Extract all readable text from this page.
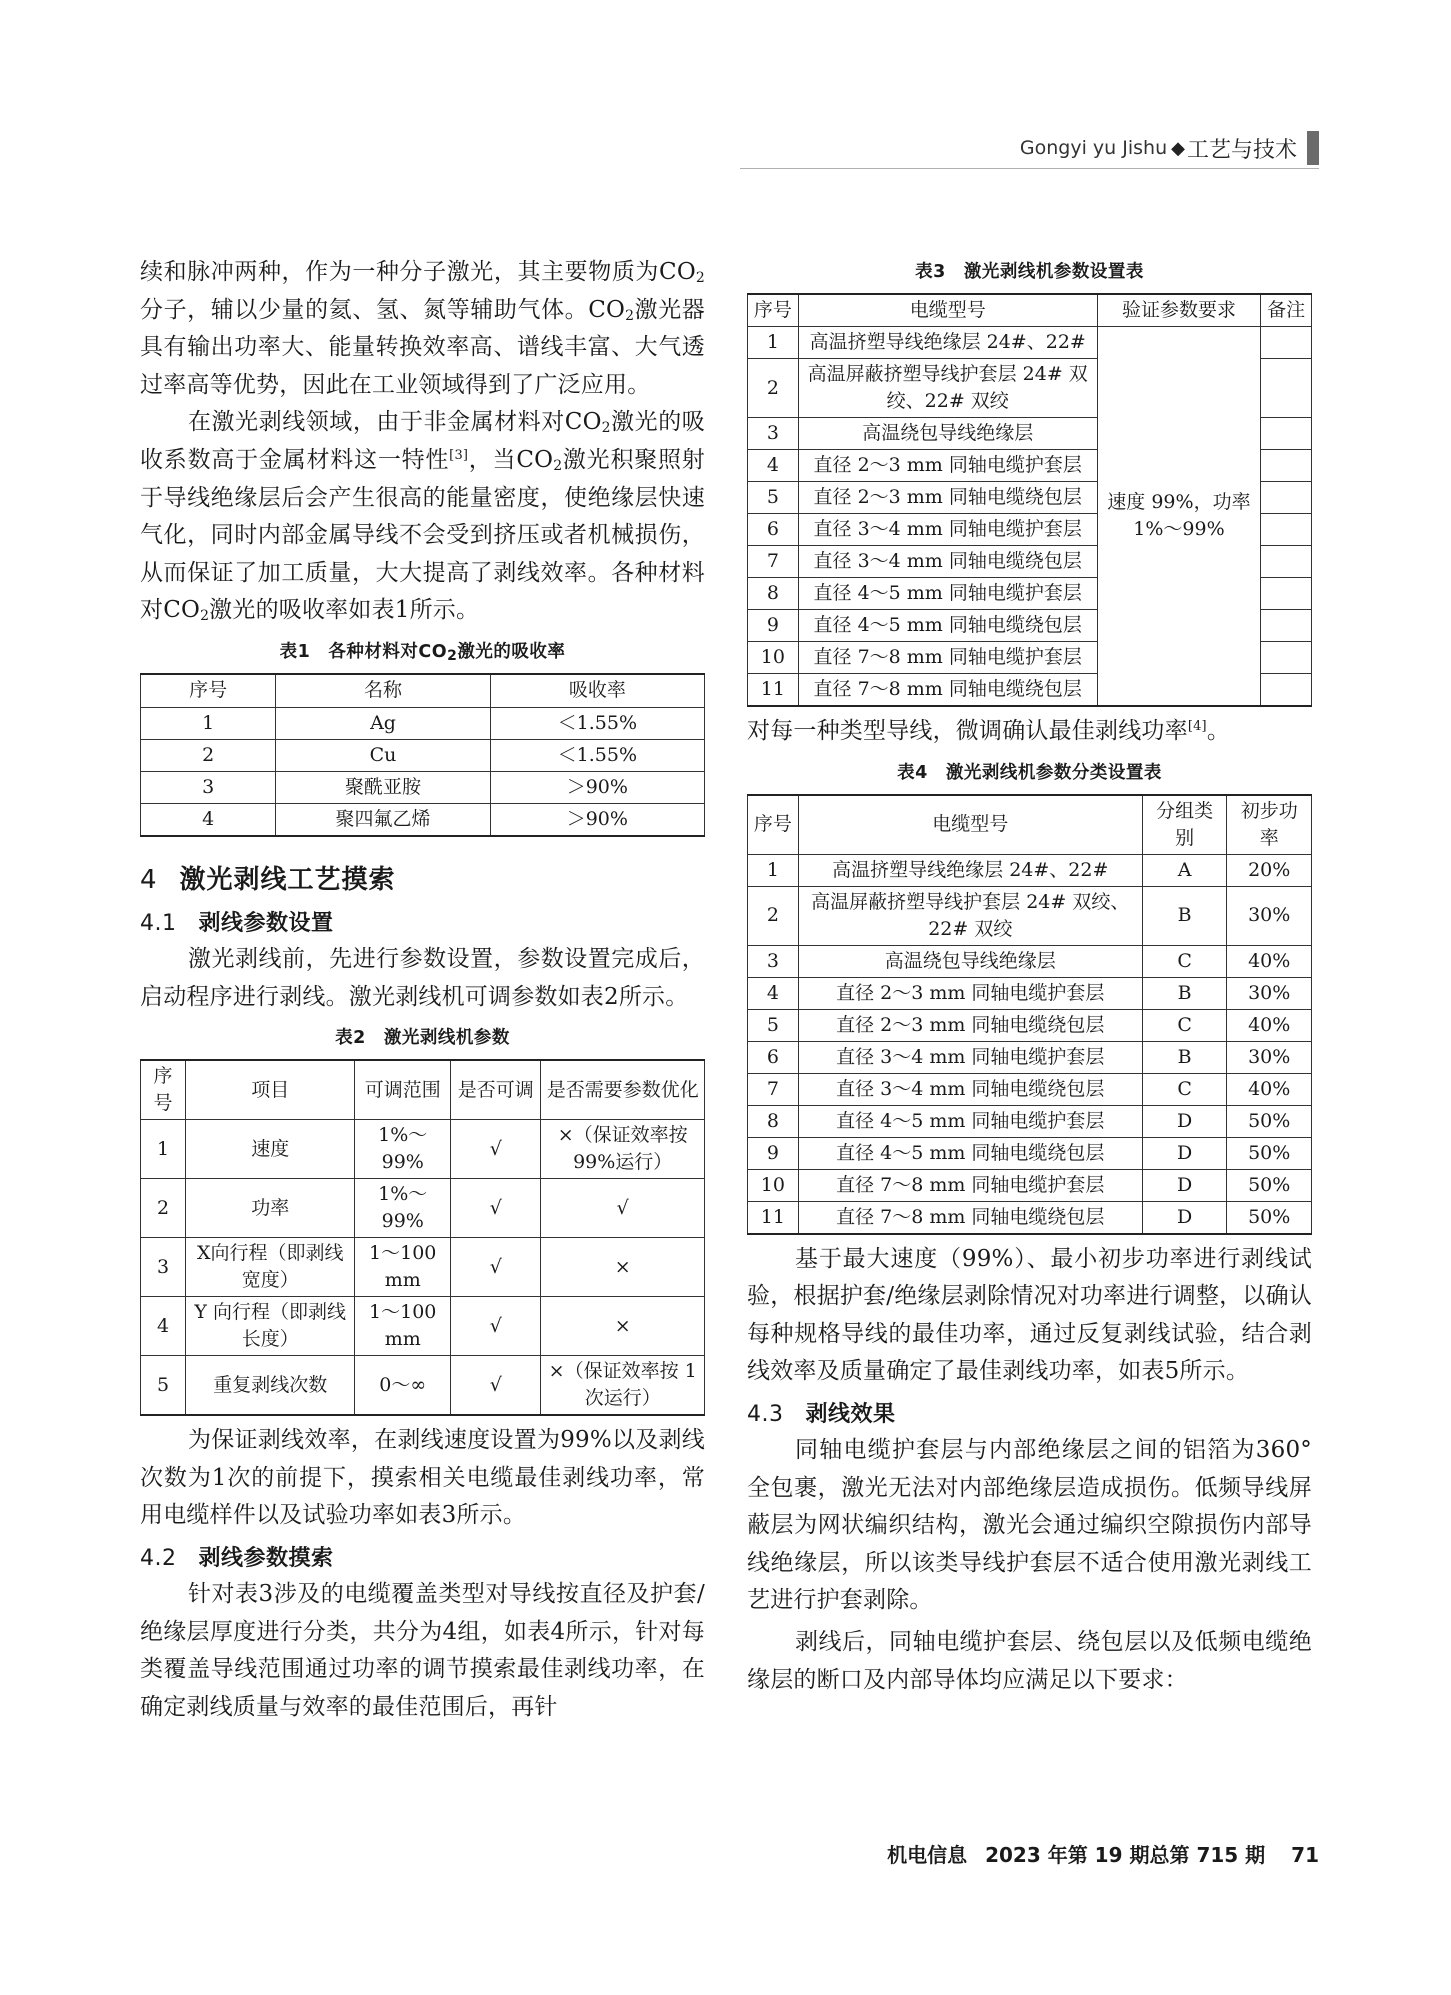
Gongyi yu Jishu ◆ 工艺与技术

续和脉冲两种，作为一种分子激光，其主要物质为$CO_2$分子，辅以少量的氦、氢、氮等辅助气体。$CO_2$激光器具有输出功率大、能量转换效率高、谱线丰富、大气透过率高等优势，因此在工业领域得到了广泛应用。

在激光剥线领域，由于非金属材料对$CO_2$激光的吸收系数高于金属材料这一特性[3]，当$CO_2$激光积聚照射于导线绝缘层后会产生很高的能量密度，使绝缘层快速气化，同时内部金属导线不会受到挤压或者机械损伤，从而保证了加工质量，大大提高了剥线效率。各种材料对$CO_2$激光的吸收率如表1所示。

表1　各种材料对$CO_2$激光的吸收率
序号	名称	吸收率
1	Ag	＜1.55%
2	Cu	＜1.55%
3	聚酰亚胺	＞90%
4	聚四氟乙烯	＞90%
4 激光剥线工艺摸索
4.1 剥线参数设置

激光剥线前，先进行参数设置，参数设置完成后，启动程序进行剥线。激光剥线机可调参数如表2所示。

表2　激光剥线机参数
序号	项目	可调范围	是否可调	是否需要参数优化
1	速度	1%～99%	√	×（保证效率按 99%运行）
2	功率	1%～99%	√	√
3	X向行程（即剥线宽度）	1～100 mm	√	×
4	Y 向行程（即剥线长度）	1～100 mm	√	×
5	重复剥线次数	0～∞	√	×（保证效率按 1 次运行）

为保证剥线效率，在剥线速度设置为99%以及剥线次数为1次的前提下，摸索相关电缆最佳剥线功率，常用电缆样件以及试验功率如表3所示。

4.2 剥线参数摸索

针对表3涉及的电缆覆盖类型对导线按直径及护套/绝缘层厚度进行分类，共分为4组，如表4所示，针对每类覆盖导线范围通过功率的调节摸索最佳剥线功率，在确定剥线质量与效率的最佳范围后，再针

表3　激光剥线机参数设置表
序号	电缆型号	验证参数要求	备注
1	高温挤塑导线绝缘层 24#、22#	速度 99%，功率 1%～99%	
2	高温屏蔽挤塑导线护套层 24# 双绞、22# 双绞		
3	高温绕包导线绝缘层		
4	直径 2～3 mm 同轴电缆护套层		
5	直径 2～3 mm 同轴电缆绕包层		
6	直径 3～4 mm 同轴电缆护套层		
7	直径 3～4 mm 同轴电缆绕包层		
8	直径 4～5 mm 同轴电缆护套层		
9	直径 4～5 mm 同轴电缆绕包层		
10	直径 7～8 mm 同轴电缆护套层		
11	直径 7～8 mm 同轴电缆绕包层		

对每一种类型导线，微调确认最佳剥线功率[4]。

表4　激光剥线机参数分类设置表
序号	电缆型号	分组类别	初步功率
1	高温挤塑导线绝缘层 24#、22#	A	20%
2	高温屏蔽挤塑导线护套层 24# 双绞、22# 双绞	B	30%
3	高温绕包导线绝缘层	C	40%
4	直径 2～3 mm 同轴电缆护套层	B	30%
5	直径 2～3 mm 同轴电缆绕包层	C	40%
6	直径 3～4 mm 同轴电缆护套层	B	30%
7	直径 3～4 mm 同轴电缆绕包层	C	40%
8	直径 4～5 mm 同轴电缆护套层	D	50%
9	直径 4～5 mm 同轴电缆绕包层	D	50%
10	直径 7～8 mm 同轴电缆护套层	D	50%
11	直径 7～8 mm 同轴电缆绕包层	D	50%

基于最大速度（99%）、最小初步功率进行剥线试验，根据护套/绝缘层剥除情况对功率进行调整，以确认每种规格导线的最佳功率，通过反复剥线试验，结合剥线效率及质量确定了最佳剥线功率，如表5所示。

4.3 剥线效果

同轴电缆护套层与内部绝缘层之间的铝箔为360°全包裹，激光无法对内部绝缘层造成损伤。低频导线屏蔽层为网状编织结构，激光会通过编织空隙损伤内部导线绝缘层，所以该类导线护套层不适合使用激光剥线工艺进行护套剥除。

剥线后，同轴电缆护套层、绕包层以及低频电缆绝缘层的断口及内部导体均应满足以下要求：

机电信息 2023 年第 19 期总第 715 期 71
